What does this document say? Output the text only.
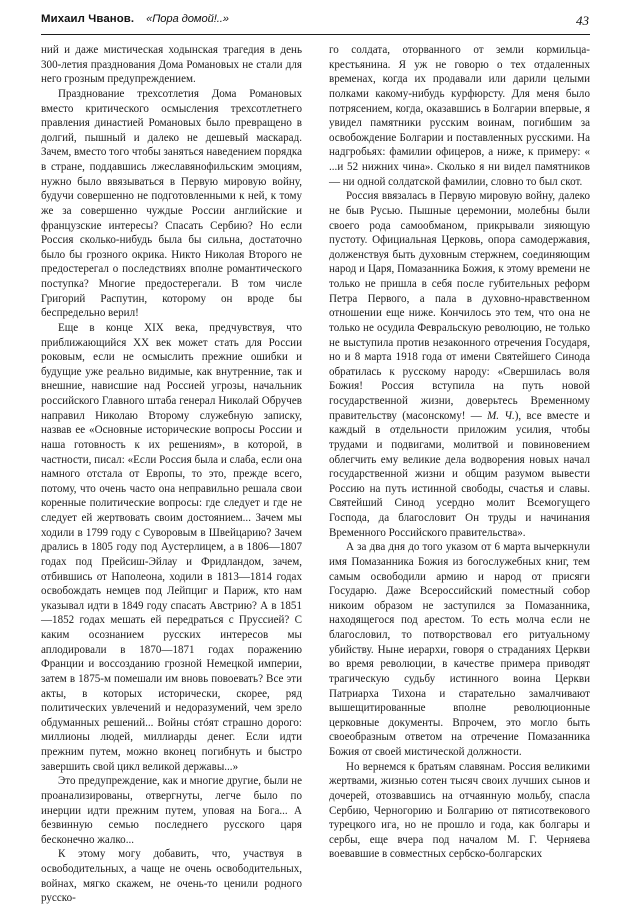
Михаил Чванов. «Пора домой!..»	43

ний и даже мистическая ходынская трагедия в день 300-летия празднования Дома Романовых не стали для него грозным предупреждением.

Празднование трехсотлетия Дома Романовых вместо критического осмысления трехсотлетнего правления династией Романовых было превращено в долгий, пышный и далеко не дешевый маскарад. Зачем, вместо того чтобы заняться наведением порядка в стране, поддавшись лжеславянофильским эмоциям, нужно было ввязываться в Первую мировую войну, будучи совершенно не подготовленными к ней, к тому же за совершенно чуждые России английские и французские интересы? Спасать Сербию? Но если Россия сколько-нибудь была бы сильна, достаточно было бы грозного окрика. Никто Николая Второго не предостерегал о последствиях вполне романтического поступка? Многие предостерегали. В том числе Григорий Распутин, которому он вроде бы беспредельно верил!

Еще в конце XIX века, предчувствуя, что приближающийся XX век может стать для России роковым, если не осмыслить прежние ошибки и будущие уже реально видимые, как внутренние, так и внешние, нависшие над Россией угрозы, начальник российского Главного штаба генерал Николай Обручев направил Николаю Второму служебную записку, назвав ее «Основные исторические вопросы России и наша готовность к их решениям», в которой, в частности, писал: «Если Россия была и слаба, если она намного отстала от Европы, то это, прежде всего, потому, что очень часто она неправильно решала свои коренные политические вопросы: где следует и где не следует ей жертвовать своим достоянием... Зачем мы ходили в 1799 году с Суворовым в Швейцарию? Зачем дрались в 1805 году под Аустерлицем, а в 1806—1807 годах под Прейсиш-Эйлау и Фридландом, зачем, отбившись от Наполеона, ходили в 1813—1814 годах освобождать немцев под Лейпциг и Париж, кто нам указывал идти в 1849 году спасать Австрию? А в 1851—1852 годах мешать ей передраться с Пруссией? С каким осознанием русских интересов мы аплодировали в 1870—1871 годах поражению Франции и воссозданию грозной Немецкой империи, затем в 1875-м помешали им вновь повоевать? Все эти акты, в которых исторически, скорее, ряд политических увлечений и недоразумений, чем зрело обдуманных решений... Войны стóят страшно дорого: миллионы людей, миллиарды денег. Если идти прежним путем, можно вконец погибнуть и быстро завершить свой цикл великой державы...»

Это предупреждение, как и многие другие, были не проанализированы, отвергнуты, легче было по инерции идти прежним путем, уповая на Бога... А безвинную семью последнего русского царя бесконечно жалко...

К этому могу добавить, что, участвуя в освободительных, а чаще не очень освободительных, войнах, мягко скажем, не очень-то ценили родного русско-

го солдата, оторванного от земли кормильца-крестьянина. Я уж не говорю о тех отдаленных временах, когда их продавали или дарили целыми полками какому-нибудь курфюрсту. Для меня было потрясением, когда, оказавшись в Болгарии впервые, я увидел памятники русским воинам, погибшим за освобождение Болгарии и поставленных русскими. На надгробьях: фамилии офицеров, а ниже, к примеру: « ...и 52 нижних чина». Сколько я ни видел памятников — ни одной солдатской фамилии, словно то был скот.

Россия ввязалась в Первую мировую войну, далеко не быв Русью. Пышные церемонии, молебны были своего рода самообманом, прикрывали зияющую пустоту. Официальная Церковь, опора самодержавия, долженствуя быть духовным стержнем, соединяющим народ и Царя, Помазанника Божия, к этому времени не только не пришла в себя после губительных реформ Петра Первого, а пала в духовно-нравственном отношении еще ниже. Кончилось это тем, что она не только не осудила Февральскую революцию, не только не выступила против незаконного отречения Государя, но и 8 марта 1918 года от имени Святейшего Синода обратилась к русскому народу: «Свершилась воля Божия! Россия вступила на путь новой государственной жизни, доверьтесь Временному правительству (масонскому! — М. Ч.), все вместе и каждый в отдельности приложим усилия, чтобы трудами и подвигами, молитвой и повиновением облегчить ему великие дела водворения новых начал государственной жизни и общим разумом вывести Россию на путь истинной свободы, счастья и славы. Святейший Синод усердно молит Всемогущего Господа, да благословит Он труды и начинания Временного Российского правительства».

А за два дня до того указом от 6 марта вычеркнули имя Помазанника Божия из богослужебных книг, тем самым освободили армию и народ от присяги Государю. Даже Всероссийский поместный собор никоим образом не заступился за Помазанника, находящегося под арестом. То есть молча если не благословил, то потворствовал его ритуальному убийству. Ныне иерархи, говоря о страданиях Церкви во время революции, в качестве примера приводят трагическую судьбу истинного воина Церкви Патриарха Тихона и старательно замалчивают вышещитированные вполне революционные церковные документы. Впрочем, это могло быть своеобразным ответом на отречение Помазанника Божия от своей мистической должности.

Но вернемся к братьям славянам. Россия великими жертвами, жизнью сотен тысяч своих лучших сынов и дочерей, отозвавшись на отчаянную мольбу, спасла Сербию, Черногорию и Болгарию от пятисотвекового турецкого ига, но не прошло и года, как болгары и сербы, еще вчера под началом М. Г. Черняева воевавшие в совместных сербско-болгарских
